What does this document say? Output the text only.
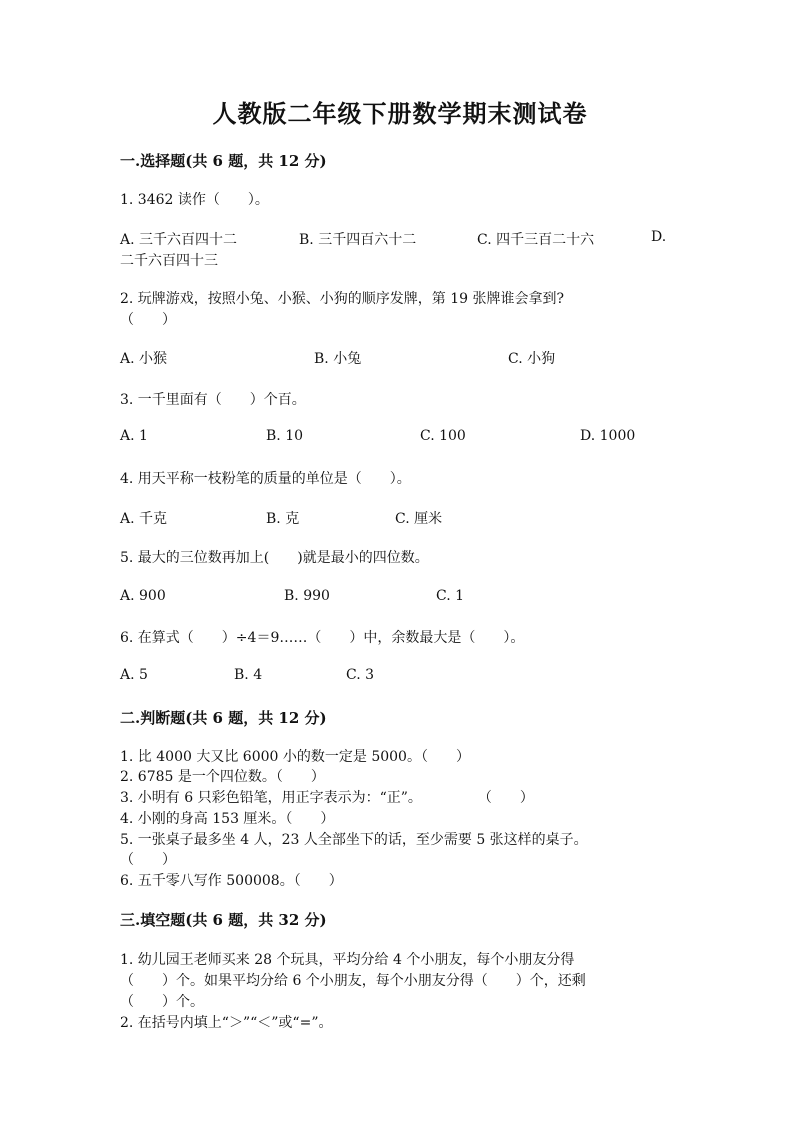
人教版二年级下册数学期末测试卷
一.选择题(共 6 题，共 12 分)
1. 3462 读作（　　）。
A. 三千六百四十二	B. 三千四百六十二	C. 四千三百二十六	D.
二千六百四十三
2. 玩牌游戏，按照小兔、小猴、小狗的顺序发牌，第 19 张牌谁会拿到?
（　　）
A. 小猴	B. 小兔	C. 小狗
3. 一千里面有（　　）个百。
A. 1	B. 10	C. 100	D. 1000
4. 用天平称一枝粉笔的质量的单位是（　　）。
A. 千克	B. 克	C. 厘米
5. 最大的三位数再加上(　　)就是最小的四位数。
A. 900	B. 990	C. 1
6. 在算式（　　）÷4＝9……（　　）中，余数最大是（　　）。
A. 5	B. 4	C. 3
二.判断题(共 6 题，共 12 分)
1. 比 4000 大又比 6000 小的数一定是 5000。（　　）
2. 6785 是一个四位数。（　　）
3. 小明有 6 只彩色铅笔，用正字表示为：“正”。　　　　　（　　）
4. 小刚的身高 153 厘米。（　　）
5. 一张桌子最多坐 4 人，23 人全部坐下的话，至少需要 5 张这样的桌子。
（　　）
6. 五千零八写作 500008。（　　）
三.填空题(共 6 题，共 32 分)
1. 幼儿园王老师买来 28 个玩具，平均分给 4 个小朋友，每个小朋友分得
（　　）个。如果平均分给 6 个小朋友，每个小朋友分得（　　）个，还剩
（　　）个。
2. 在括号内填上“＞”“＜”或“=”。
